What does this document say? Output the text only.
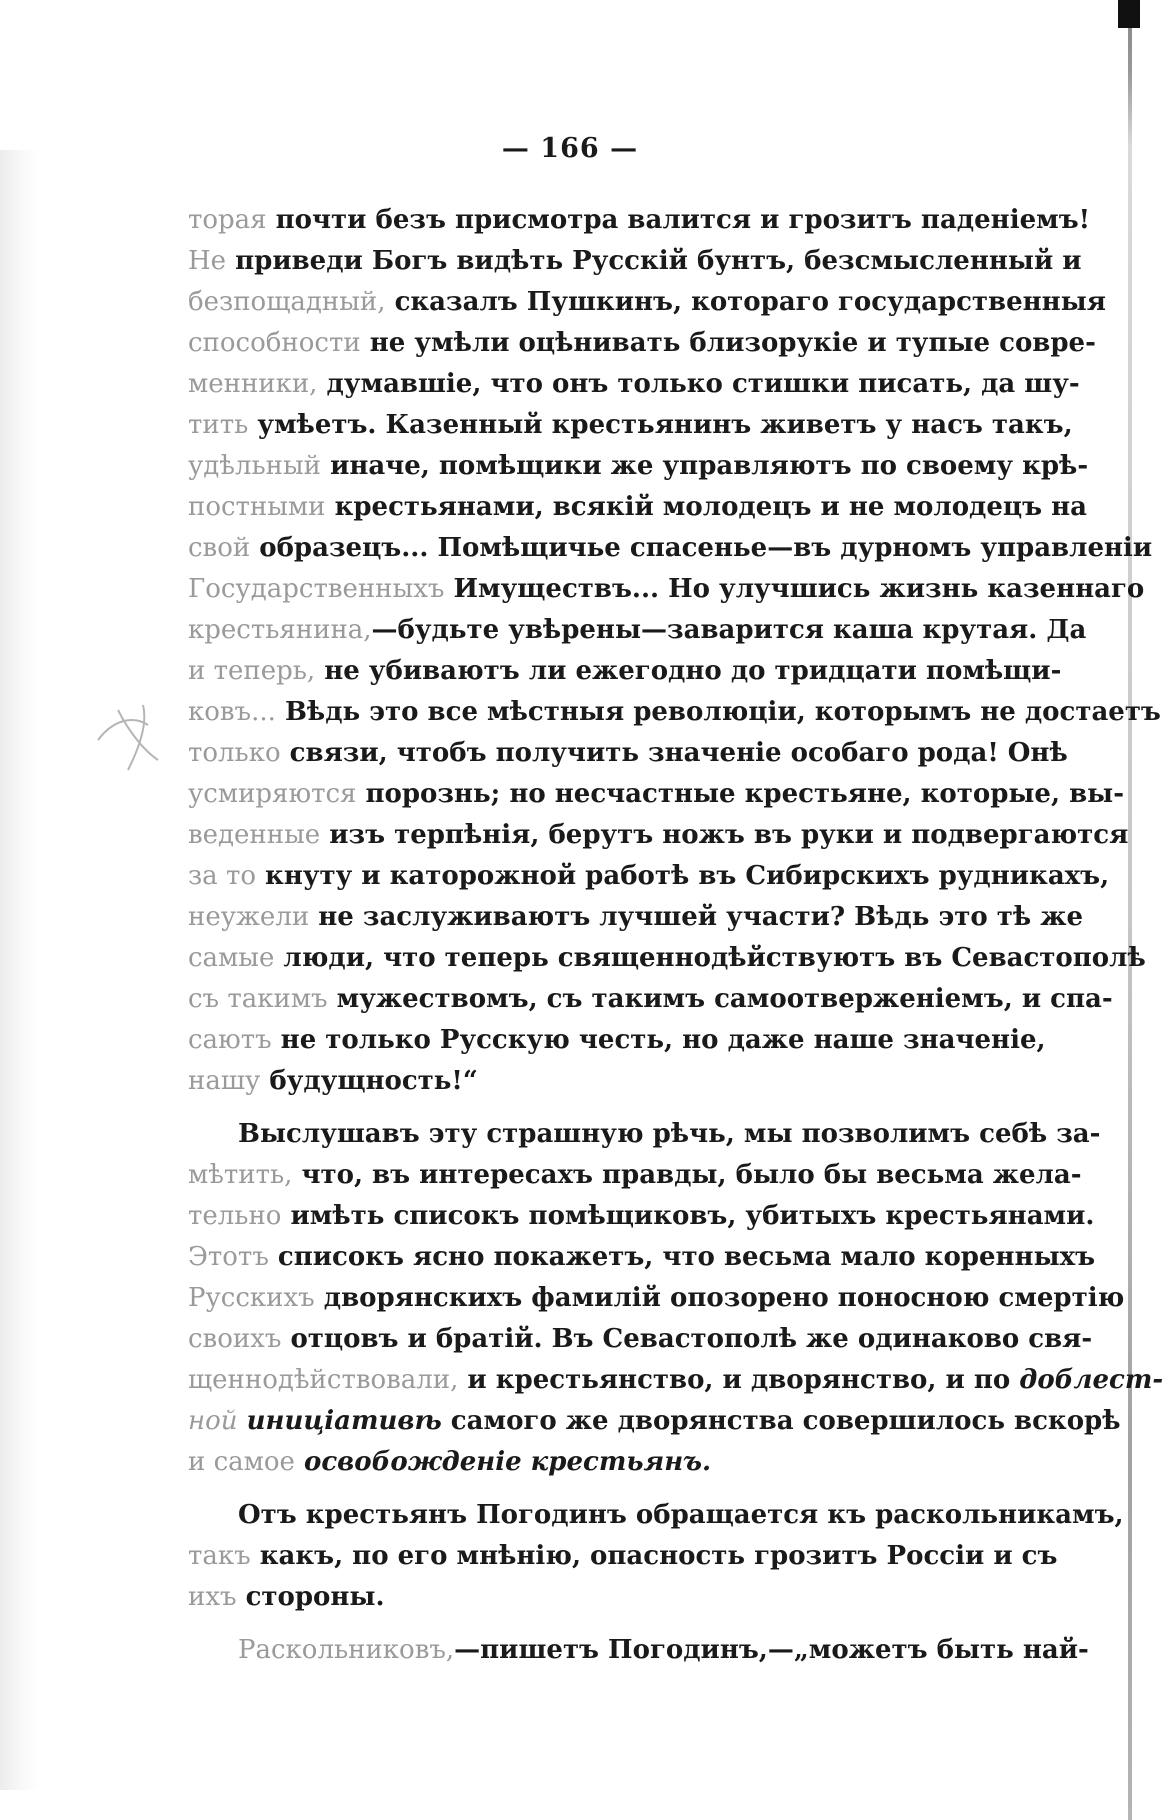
— 166 —
торая почти безъ присмотра валится и грозитъ паденіемъ!
Не приведи Богъ видѣть Русскій бунтъ, безсмысленный и
безпощадный, сказалъ Пушкинъ, котораго государственныя
способности не умѣли оцѣнивать близорукіе и тупые совре-
менники, думавшіе, что онъ только стишки писать, да шу-
тить умѣетъ. Казенный крестьянинъ живетъ у насъ такъ,
удѣльный иначе, помѣщики же управляютъ по своему крѣ-
постными крестьянами, всякій молодецъ и не молодецъ на
свой образецъ... Помѣщичье спасенье—въ дурномъ управленіи
Государственныхъ Имуществъ... Но улучшись жизнь казеннаго
крестьянина,—будьте увѣрены—заварится каша крутая. Да
и теперь, не убиваютъ ли ежегодно до тридцати помѣщи-
ковъ... Вѣдь это все мѣстныя революціи, которымъ не достаетъ
только связи, чтобъ получить значеніе особаго рода! Онѣ
усмиряются порознь; но несчастные крестьяне, которые, вы-
веденные изъ терпѣнія, берутъ ножъ въ руки и подвергаются
за то кнуту и каторожной работѣ въ Сибирскихъ рудникахъ,
неужели не заслуживаютъ лучшей участи? Вѣдь это тѣ же
самые люди, что теперь священнодѣйствуютъ въ Севастополѣ
съ такимъ мужествомъ, съ такимъ самоотверженіемъ, и спа-
саютъ не только Русскую честь, но даже наше значеніе,
нашу будущность!“
Выслушавъ эту страшную рѣчь, мы позволимъ себѣ за-
мѣтить, что, въ интересахъ правды, было бы весьма жела-
тельно имѣть списокъ помѣщиковъ, убитыхъ крестьянами.
Этотъ списокъ ясно покажетъ, что весьма мало коренныхъ
Русскихъ дворянскихъ фамилій опозорено поносною смертію
своихъ отцовъ и братій. Въ Севастополѣ же одинаково свя-
щеннодѣйствовали, и крестьянство, и дворянство, и по доблест-
ной иниціативѣ самого же дворянства совершилось вскорѣ
и самое освобожденіе крестьянъ.
Отъ крестьянъ Погодинъ обращается къ раскольникамъ,
такъ какъ, по его мнѣнію, опасность грозитъ Россіи и съ
ихъ стороны.
Раскольниковъ,—пишетъ Погодинъ,—„можетъ быть най-
